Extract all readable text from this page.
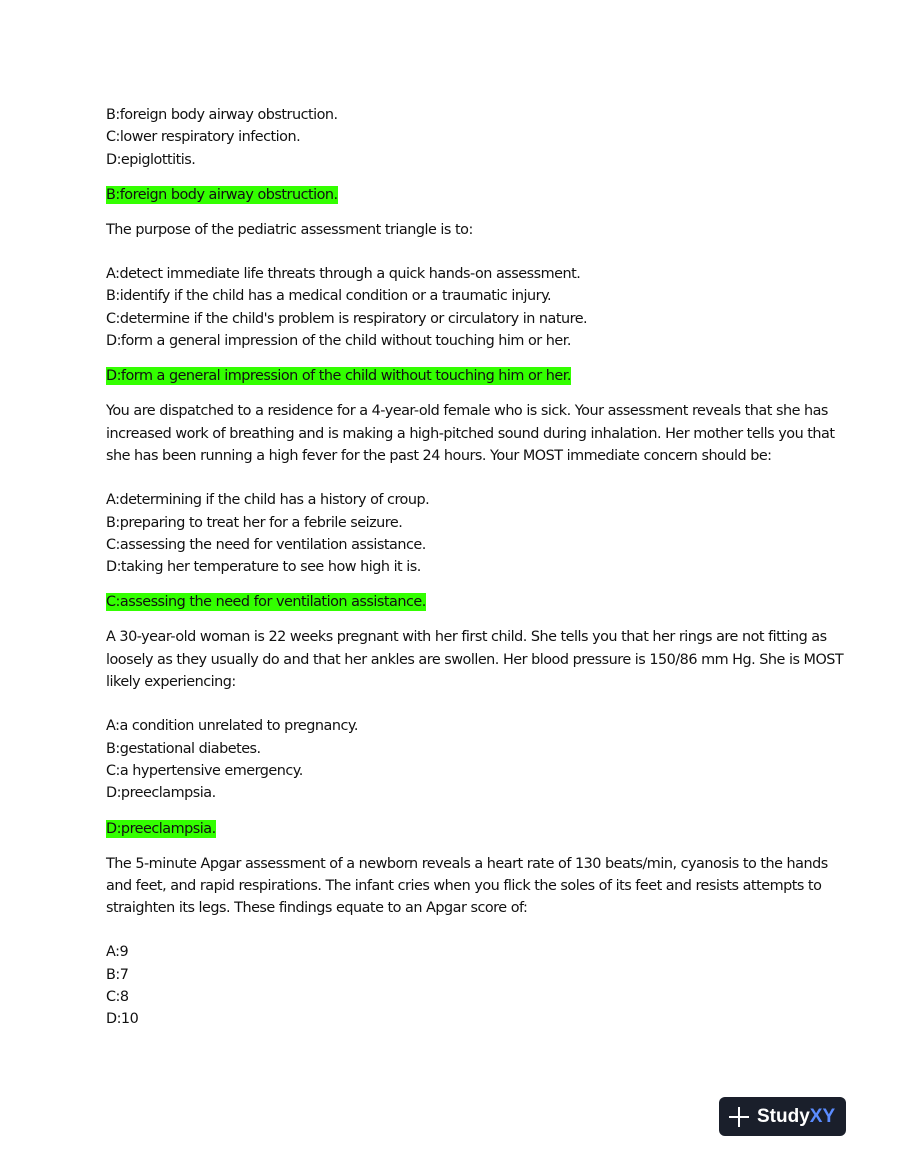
B:foreign body airway obstruction.
C:lower respiratory infection.
D:epiglottitis.
B:foreign body airway obstruction.
The purpose of the pediatric assessment triangle is to:
A:detect immediate life threats through a quick hands-on assessment.
B:identify if the child has a medical condition or a traumatic injury.
C:determine if the child's problem is respiratory or circulatory in nature.
D:form a general impression of the child without touching him or her.
D:form a general impression of the child without touching him or her.
You are dispatched to a residence for a 4-year-old female who is sick. Your assessment reveals that she has
increased work of breathing and is making a high-pitched sound during inhalation. Her mother tells you that
she has been running a high fever for the past 24 hours. Your MOST immediate concern should be:
A:determining if the child has a history of croup.
B:preparing to treat her for a febrile seizure.
C:assessing the need for ventilation assistance.
D:taking her temperature to see how high it is.
C:assessing the need for ventilation assistance.
A 30-year-old woman is 22 weeks pregnant with her first child. She tells you that her rings are not fitting as
loosely as they usually do and that her ankles are swollen. Her blood pressure is 150/86 mm Hg. She is MOST
likely experiencing:
A:a condition unrelated to pregnancy.
B:gestational diabetes.
C:a hypertensive emergency.
D:preeclampsia.
D:preeclampsia.
The 5-minute Apgar assessment of a newborn reveals a heart rate of 130 beats/min, cyanosis to the hands
and feet, and rapid respirations. The infant cries when you flick the soles of its feet and resists attempts to
straighten its legs. These findings equate to an Apgar score of:
A:9
B:7
C:8
D:10
StudyXY
